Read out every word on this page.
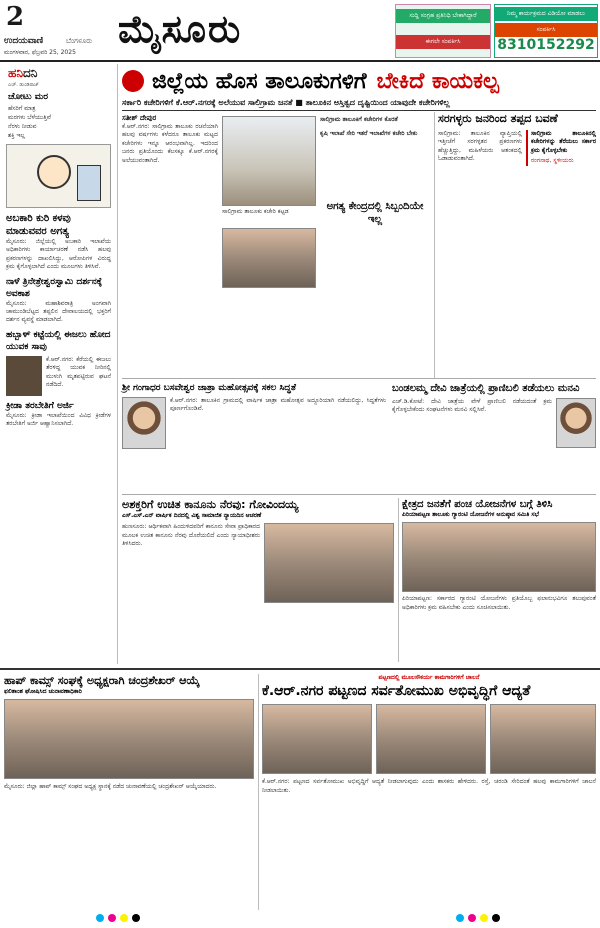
2
ಉದಯವಾಣಿ	ಬೆಂಗಳೂರು
ಮಂಗಳವಾರ, ಫೆಬ್ರವರಿ 25, 2025
ಮೈಸೂರು	ಸುದ್ದಿ ಸಂಗ್ರಹ ಪ್ರತಿನಿಧಿ ಬೇಕಾಗಿದ್ದಾರೆ
ಈಗಲೇ ಸಂಪರ್ಕಿಸಿ
ನಿಮ್ಮ ಕಾರ್ಯಕ್ರಮದ ವಿಡಿಯೋ ಮಾಡಲು
ಸಂಪರ್ಕಿಸಿ
8310152292
ಹನಿ ದನಿ
ಎಚ್. ಡುಂಡಿರಾಜ್
ಚೋಟು ಮರ
ಹೆಸರಿಗೆ ಮಾತ್ರ
ಮರಗಳು ಬೆಳೆಯುತ್ತಿವೆ
ನೆರಳು ನೀಡುವ
ಶಕ್ತಿ ಇಲ್ಲ
ಅಬಕಾರಿ ಕುರಿ ಕಳವು ಮಾಡುವವರ ಅಗತ್ಯ
ಮೈಸೂರು: ಜಿಲ್ಲೆಯಲ್ಲಿ ಅಬಕಾರಿ ಇಲಾಖೆಯ ಅಧಿಕಾರಿಗಳು ಕಾರ್ಯಾಚರಣೆ ನಡೆಸಿ ಹಲವು ಪ್ರಕರಣಗಳನ್ನು ದಾಖಲಿಸಿದ್ದು, ಆರೋಪಿಗಳ ವಿರುದ್ಧ ಕ್ರಮ ಕೈಗೊಳ್ಳಲಾಗಿದೆ ಎಂದು ಮೂಲಗಳು ತಿಳಿಸಿವೆ.
ನಾಳೆ ತ್ರಿನೇತ್ರೇಶ್ವರಸ್ವಾಮಿ ದರ್ಶನಕ್ಕೆ ಅವಕಾಶ
ಮೈಸೂರು: ಮಹಾಶಿವರಾತ್ರಿ ಅಂಗವಾಗಿ ಚಾಮುಂಡಿಬೆಟ್ಟದ ತಪ್ಪಲಿನ ದೇವಾಲಯದಲ್ಲಿ ಭಕ್ತರಿಗೆ ದರ್ಶನ ವ್ಯವಸ್ಥೆ ಮಾಡಲಾಗಿದೆ.
ಹಬ್ಬಾಳ್ ಕಟ್ಟೆಯಲ್ಲಿ ಈಜಲು ಹೋದ ಯುವಕ ಸಾವು
ಕೆ.ಆರ್.ನಗರ: ಕೆರೆಯಲ್ಲಿ ಈಜಲು ತೆರಳಿದ್ದ ಯುವಕ ನೀರಿನಲ್ಲಿ ಮುಳುಗಿ ಮೃತಪಟ್ಟಿರುವ ಘಟನೆ ನಡೆದಿದೆ.
ಕ್ರೀಡಾ ತರಬೇತಿಗೆ ಅರ್ಜಿ
ಮೈಸೂರು: ಕ್ರೀಡಾ ಇಲಾಖೆಯಿಂದ ವಿವಿಧ ಕ್ರೀಡೆಗಳ ತರಬೇತಿಗೆ ಅರ್ಜಿ ಆಹ್ವಾನಿಸಲಾಗಿದೆ.
ಜಿಲ್ಲೆಯ ಹೊಸ ತಾಲೂಕುಗಳಿಗೆ ಬೇಕಿದೆ ಕಾಯಕಲ್ಪ
ಸರ್ಕಾರಿ ಕಚೇರಿಗಳಿಗೆ ಕೆ.ಆರ್.ನಗರಕ್ಕೆ ಅಲೆಯುವ ಸಾಲಿಗ್ರಾಮ ಜನತೆ ■ ತಾಲೂಕಿನ ಅಸ್ತಿತ್ವದ ದೃಷ್ಟಿಯಿಂದ ಯಾವುದೇ ಕಚೇರಿಗಳಿಲ್ಲ
ಸತೀಶ್ ದೇಪುರ
ಕೆ.ಆರ್.ನಗರ: ಸಾಲಿಗ್ರಾಮ ತಾಲೂಕು ರಚನೆಯಾಗಿ ಹಲವು ವರ್ಷಗಳು ಕಳೆದರೂ ತಾಲೂಕು ಮಟ್ಟದ ಕಚೇರಿಗಳು ಇನ್ನೂ ಆರಂಭವಾಗಿಲ್ಲ. ಇದರಿಂದ ಜನರು ಪ್ರತಿಯೊಂದು ಕೆಲಸಕ್ಕೂ ಕೆ.ಆರ್.ನಗರಕ್ಕೆ ಅಲೆಯುವಂತಾಗಿದೆ.
ಸಾಲಿಗ್ರಾಮ ತಾಲೂಕು ಕಚೇರಿ ಕಟ್ಟಡ
ಸಾಲಿಗ್ರಾಮ ತಾಲೂಕಿಗೆ ಕಚೇರಿಗಳ ಕೊರತೆ
ಕೃಷಿ ಇಲಾಖೆ ಸೇರಿ ಇತರೆ ಇಲಾಖೆಗಳ ಕಚೇರಿ ಬೇಕು
ಅಗತ್ಯ ಕೇಂದ್ರದಲ್ಲಿ ಸಿಬ್ಬಂದಿಯೇ ಇಲ್ಲ
ಸರಗಳ್ಳರು ಜನರಿಂದ ತಪ್ಪದ ಬವಣೆ
ಸಾಲಿಗ್ರಾಮ: ತಾಲೂಕಿನ ವ್ಯಾಪ್ತಿಯಲ್ಲಿ ಇತ್ತೀಚೆಗೆ ಸರಗಳ್ಳತನ ಪ್ರಕರಣಗಳು ಹೆಚ್ಚುತ್ತಿದ್ದು, ಮಹಿಳೆಯರು ಆತಂಕದಲ್ಲಿ ಓಡಾಡುವಂತಾಗಿದೆ.
ಸಾಲಿಗ್ರಾಮ ತಾಲೂಕಿನಲ್ಲಿ ಕಚೇರಿಗಳನ್ನು ತೆರೆಯಲು ಸರ್ಕಾರ ಕ್ರಮ ಕೈಗೊಳ್ಳಬೇಕು
ರಂಗನಾಥ, ಸ್ಥಳೀಯರು
ಶ್ರೀ ಗಂಗಾಧರ ಬಸವೇಶ್ವರ ಜಾತ್ರಾ ಮಹೋತ್ಸವಕ್ಕೆ ಸಕಲ ಸಿದ್ಧತೆ
ಕೆ.ಆರ್.ನಗರ: ತಾಲೂಕಿನ ಗ್ರಾಮದಲ್ಲಿ ವಾರ್ಷಿಕ ಜಾತ್ರಾ ಮಹೋತ್ಸವ ಅದ್ದೂರಿಯಾಗಿ ನಡೆಯಲಿದ್ದು, ಸಿದ್ಧತೆಗಳು ಪೂರ್ಣಗೊಂಡಿವೆ.
ಬಂಡಲಮ್ಮ ದೇವಿ ಜಾತ್ರೆಯಲ್ಲಿ ಪ್ರಾಣಿಬಲಿ ತಡೆಯಲು ಮನವಿ
ಎಚ್.ಡಿ.ಕೋಟೆ: ದೇವಿ ಜಾತ್ರೆಯ ವೇಳೆ ಪ್ರಾಣಿಬಲಿ ನಡೆಯದಂತೆ ಕ್ರಮ ಕೈಗೊಳ್ಳಬೇಕೆಂದು ಸಂಘಟನೆಗಳು ಮನವಿ ಸಲ್ಲಿಸಿವೆ.
ಅಶಕ್ತರಿಗೆ ಉಚಿತ ಕಾನೂನು ನೆರವು: ಗೋವಿಂದಯ್ಯ
ಎಸ್.ಎಸ್.ಎನ್ ವಾರ್ಷಿಕ ದಿನದಲ್ಲಿ ವಿಶ್ವ ಸಾಮಾಜಿಕ ನ್ಯಾಯದಿನ ಆಚರಣೆ
ಹುಣಸೂರು: ಆರ್ಥಿಕವಾಗಿ ಹಿಂದುಳಿದವರಿಗೆ ಕಾನೂನು ಸೇವಾ ಪ್ರಾಧಿಕಾರದ ಮೂಲಕ ಉಚಿತ ಕಾನೂನು ನೆರವು ದೊರೆಯಲಿದೆ ಎಂದು ನ್ಯಾಯಾಧೀಶರು ತಿಳಿಸಿದರು.
ಕ್ಷೇತ್ರದ ಜನತೆಗೆ ಪಂಚ ಯೋಜನೆಗಳ ಬಗ್ಗೆ ತಿಳಿಸಿ
ಪಿರಿಯಾಪಟ್ಟಣ ತಾಲೂಕು ಗ್ಯಾರಂಟಿ ಯೋಜನೆಗಳ ಅನುಷ್ಠಾನ ಸಮಿತಿ ಸಭೆ
ಪಿರಿಯಾಪಟ್ಟಣ: ಸರ್ಕಾರದ ಗ್ಯಾರಂಟಿ ಯೋಜನೆಗಳು ಪ್ರತಿಯೊಬ್ಬ ಫಲಾನುಭವಿಗೂ ತಲುಪುವಂತೆ ಅಧಿಕಾರಿಗಳು ಕ್ರಮ ವಹಿಸಬೇಕು ಎಂದು ಸೂಚಿಸಲಾಯಿತು.
ಹಾಪ್ ಕಾಮ್ಸ್ ಸಂಘಕ್ಕೆ ಅಧ್ಯಕ್ಷರಾಗಿ ಚಂದ್ರಶೇಖರ್ ಆಯ್ಕೆ
ಫಲಿತಾಂಶ ಘೋಷಿಸಿದ ಚುನಾವಣಾಧಿಕಾರಿ
ಮೈಸೂರು: ಜಿಲ್ಲಾ ಹಾಪ್ ಕಾಮ್ಸ್ ಸಂಘದ ಅಧ್ಯಕ್ಷ ಸ್ಥಾನಕ್ಕೆ ನಡೆದ ಚುನಾವಣೆಯಲ್ಲಿ ಚಂದ್ರಶೇಖರ್ ಆಯ್ಕೆಯಾದರು.
ಪಟ್ಟಣದಲ್ಲಿ ಮೂಲಸೌಕರ್ಯ ಕಾಮಗಾರಿಗಳಿಗೆ ಚಾಲನೆ
ಕೆ.ಆರ್.ನಗರ ಪಟ್ಟಣದ ಸರ್ವತೋಮುಖ ಅಭಿವೃದ್ಧಿಗೆ ಆದ್ಯತೆ
ಕೆ.ಆರ್.ನಗರ: ಪಟ್ಟಣದ ಸರ್ವತೋಮುಖ ಅಭಿವೃದ್ಧಿಗೆ ಆದ್ಯತೆ ನೀಡಲಾಗುವುದು ಎಂದು ಶಾಸಕರು ಹೇಳಿದರು. ರಸ್ತೆ, ಚರಂಡಿ ಸೇರಿದಂತೆ ಹಲವು ಕಾಮಗಾರಿಗಳಿಗೆ ಚಾಲನೆ ನೀಡಲಾಯಿತು.
